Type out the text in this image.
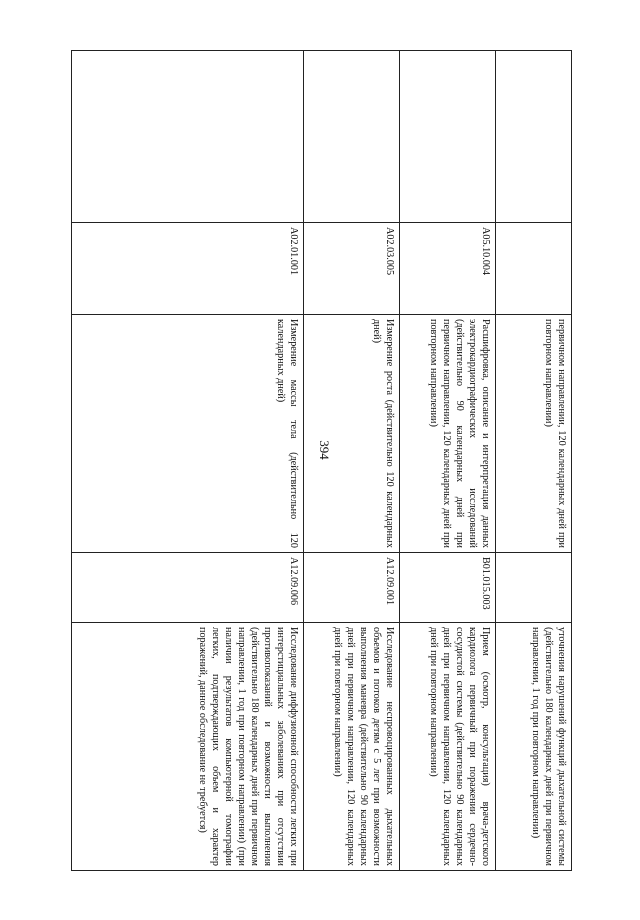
394
			первичном направлении, 120 календарных дней при повторном направлении)		уточнения нарушений функций дыхательной системы (действительно 180 календарных дней при первичном направлении, 1 год при повторном направлении)
	A05.10.004	Расшифровка, описание и интерпретация данных электрокардиографических исследований (действительно 90 календарных дней при первичном направлении, 120 календарных дней при повторном направлении)	B01.015.003	Прием (осмотр, консультация) врача-детского кардиолога первичный при поражении сердечно-сосудистой системы (действительно 90 календарных дней при первичном направлении, 120 календарных дней при повторном направлении)
	A02.03.005	Измерение роста (действительно 120 календарных дней)	A12.09.001	Исследование неспровоцированных дыхательных объемов и потоков детям с 5 лет при возможности выполнения маневра (действительно 90 календарных дней при первичном направлении, 120 календарных дней при повторном направлении)
	A02.01.001	Измерение массы тела (действительно 120 календарных дней)	A12.09.006	Исследование диффузионной способности легких при интерстициальных заболеваниях при отсутствии противопоказаний и возможности выполнения (действительно 180 календарных дней при первичном направлении, 1 год при повторном направлении) (при наличии результатов компьютерной томографии легких, подтверждающих объем и характер поражений, данное обследование не требуется)
